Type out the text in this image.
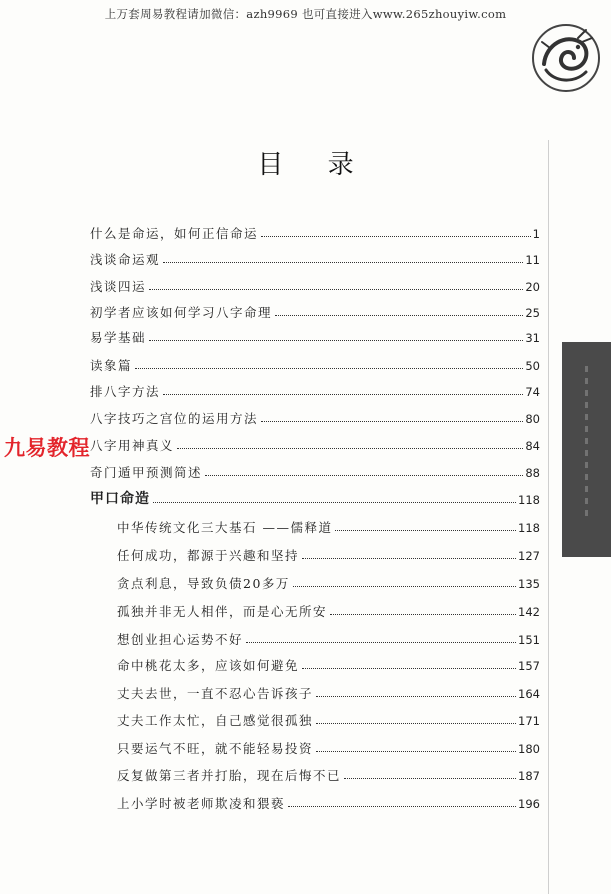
上万套周易教程请加微信：azh9969 也可直接进入www.265zhouyiw.com
目 录
什么是命运，如何正信命运	1
浅谈命运观	11
浅谈四运	20
初学者应该如何学习八字命理	25
易学基础	31
读象篇	50
排八字方法	74
八字技巧之宫位的运用方法	80
八字用神真义	84
奇门遁甲预测简述	88
甲口命造	118
中华传统文化三大基石 ——儒释道	118
任何成功，都源于兴趣和坚持	127
贪点利息，导致负债20多万	135
孤独并非无人相伴，而是心无所安	142
想创业担心运势不好	151
命中桃花太多，应该如何避免	157
丈夫去世，一直不忍心告诉孩子	164
丈夫工作太忙，自己感觉很孤独	171
只要运气不旺，就不能轻易投资	180
反复做第三者并打胎，现在后悔不已	187
上小学时被老师欺凌和猥亵	196
九易教程
